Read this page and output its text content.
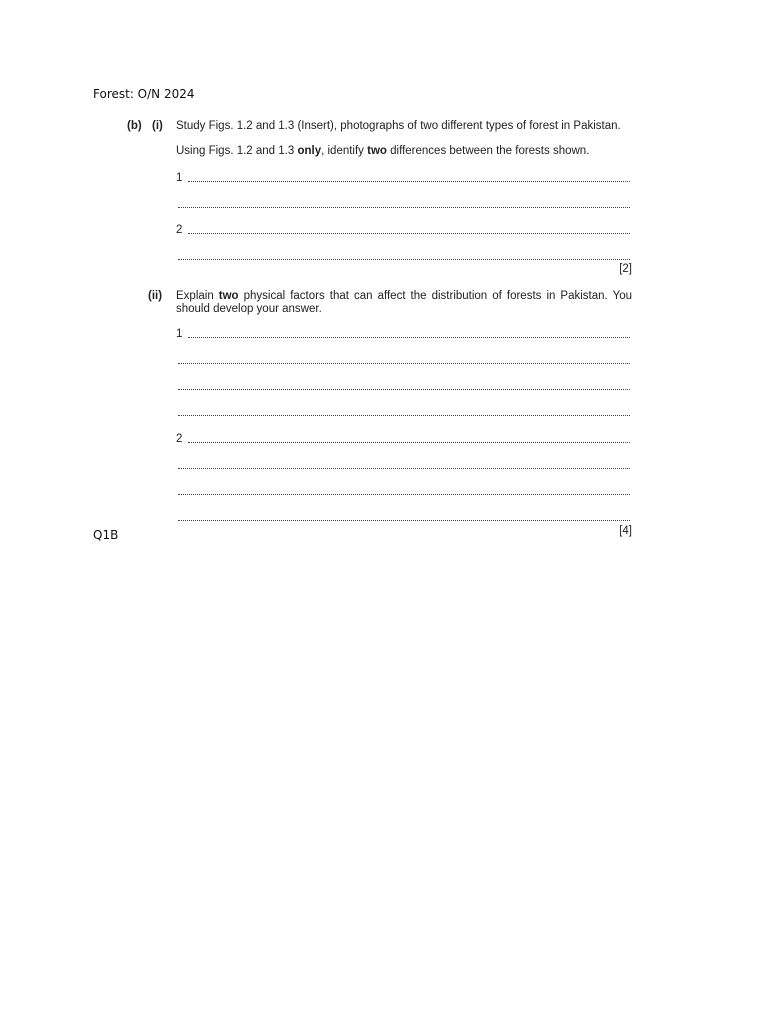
Forest: O/N 2024
(b) (i) Study Figs. 1.2 and 1.3 (Insert), photographs of two different types of forest in Pakistan.
Using Figs. 1.2 and 1.3 only, identify two differences between the forests shown.
1
2
[2]
(ii) Explain two physical factors that can affect the distribution of forests in Pakistan. You should develop your answer.
1
2
[4]
Q1B
